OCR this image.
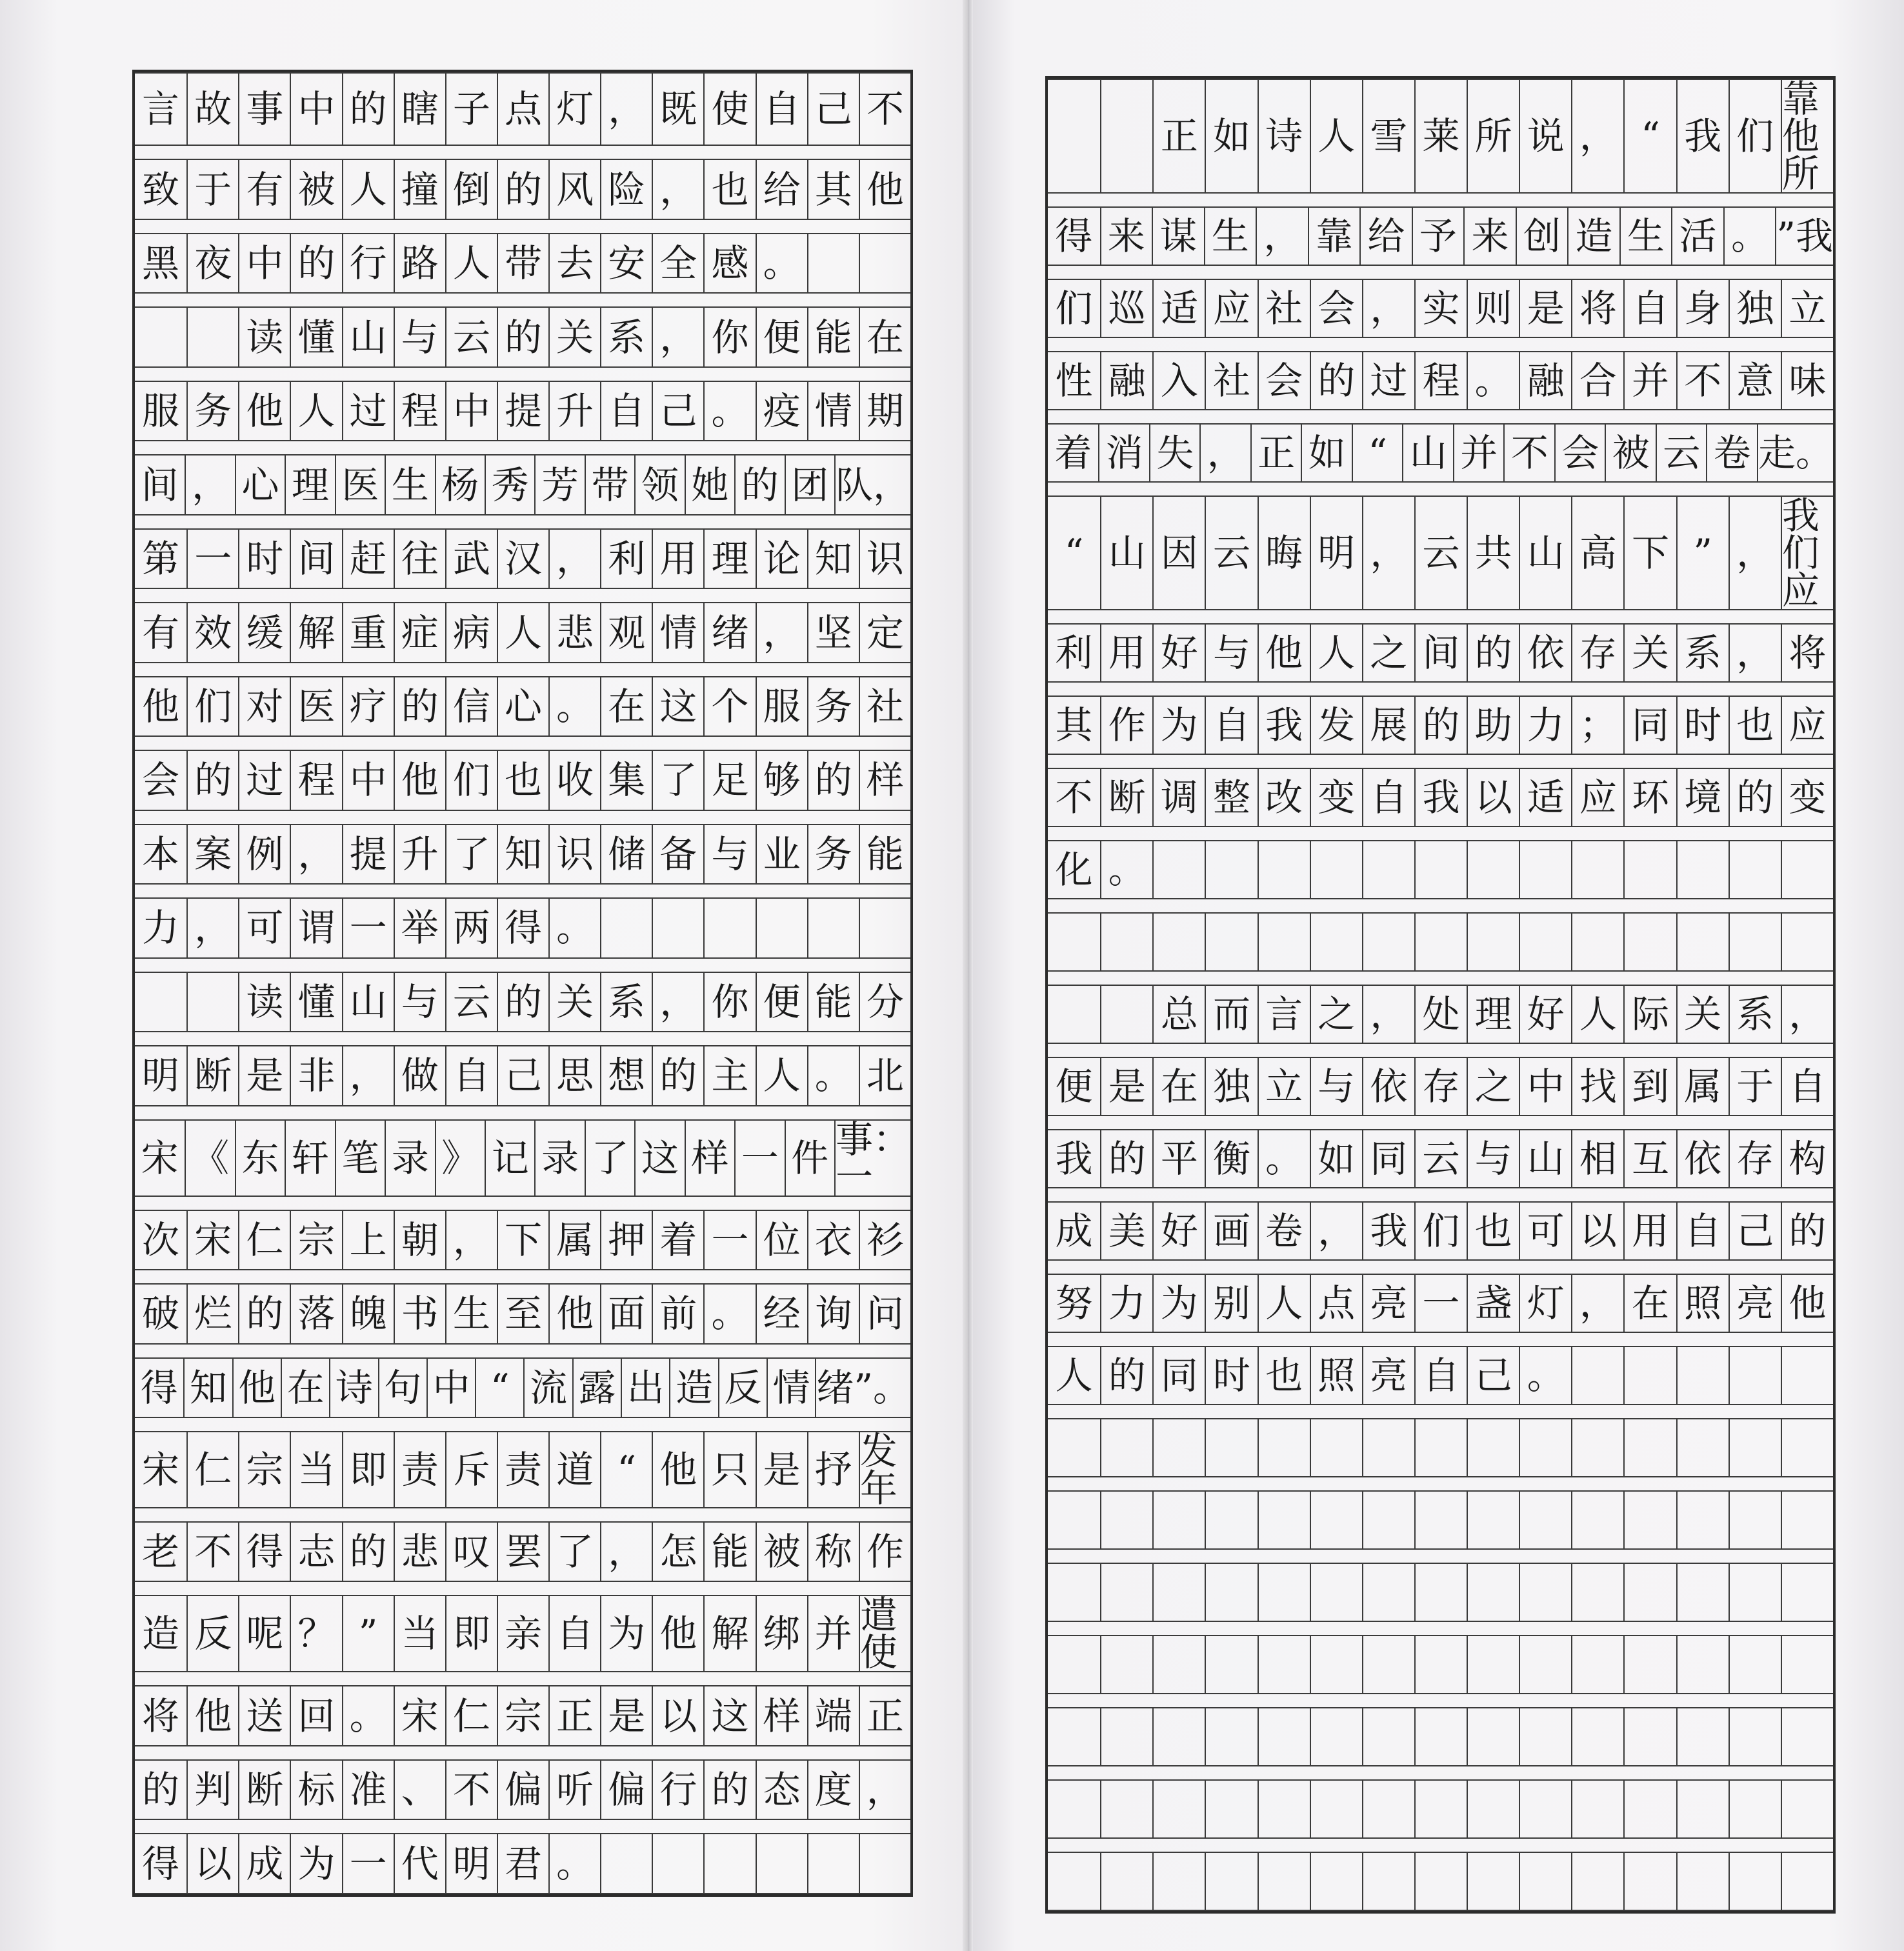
言 故 事 中 的 瞎 子 点 灯 ， 既 使 自 己 不
致 于 有 被 人 撞 倒 的 风 险 ， 也 给 其 他
黑 夜 中 的 行 路 人 带 去 安 全 感 。
读 懂 山 与 云 的 关 系 ， 你 便 能 在
服 务 他 人 过 程 中 提 升 自 己 。 疫 情 期
间 ， 心 理 医 生 杨 秀 芳 带 领 她 的 团 队，
第 一 时 间 赶 往 武 汉 ， 利 用 理 论 知 识
有 效 缓 解 重 症 病 人 悲 观 情 绪 ， 坚 定
他 们 对 医 疗 的 信 心 。 在 这 个 服 务 社
会 的 过 程 中 他 们 也 收 集 了 足 够 的 样
本 案 例 ， 提 升 了 知 识 储 备 与 业 务 能
力 ， 可 谓 一 举 两 得 。
读 懂 山 与 云 的 关 系 ， 你 便 能 分
明 断 是 非 ， 做 自 己 思 想 的 主 人 。 北
宋 《 东 轩 笔 录 》 记 录 了 这 样 一 件 事：一
次 宋 仁 宗 上 朝 ， 下 属 押 着 一 位 衣 衫
破 烂 的 落 魄 书 生 至 他 面 前 。 经 询 问
得 知 他 在 诗 句 中 “ 流 露 出 造 反 情 绪”。
宋 仁 宗 当 即 责 斥 责 道 “ 他 只 是 抒 发年
老 不 得 志 的 悲 叹 罢 了 ， 怎 能 被 称 作
造 反 呢 ？ ” 当 即 亲 自 为 他 解 绑 并 遣使
将 他 送 回 。 宋 仁 宗 正 是 以 这 样 端 正
的 判 断 标 准 、 不 偏 听 偏 行 的 态 度 ，
得 以 成 为 一 代 明 君 。
正 如 诗 人 雪 莱 所 说 ， “ 我 们
靠他所
得 来 谋 生 ， 靠 给 予 来 创 造 生 活 。 ”我
们 巡 适 应 社 会 ， 实 则 是 将 自 身 独 立
性 融 入 社 会 的 过 程 。 融 合 并 不 意 味
着 消 失 ， 正 如 “ 山 并 不 会 被 云 卷 走。
“ 山 因 云 晦 明 ， 云 共 山 高 下 ” ，
我们应
利 用 好 与 他 人 之 间 的 依 存 关 系 ， 将
其 作 为 自 我 发 展 的 助 力 ； 同 时 也 应
不 断 调 整 改 变 自 我 以 适 应 环 境 的 变
化 。
总 而 言 之 ， 处 理 好 人 际 关 系 ，
便 是 在 独 立 与 依 存 之 中 找 到 属 于 自
我 的 平 衡 。 如 同 云 与 山 相 互 依 存 构
成 美 好 画 卷 ， 我 们 也 可 以 用 自 己 的
努 力 为 别 人 点 亮 一 盏 灯 ， 在 照 亮 他
人 的 同 时 也 照 亮 自 己 。
